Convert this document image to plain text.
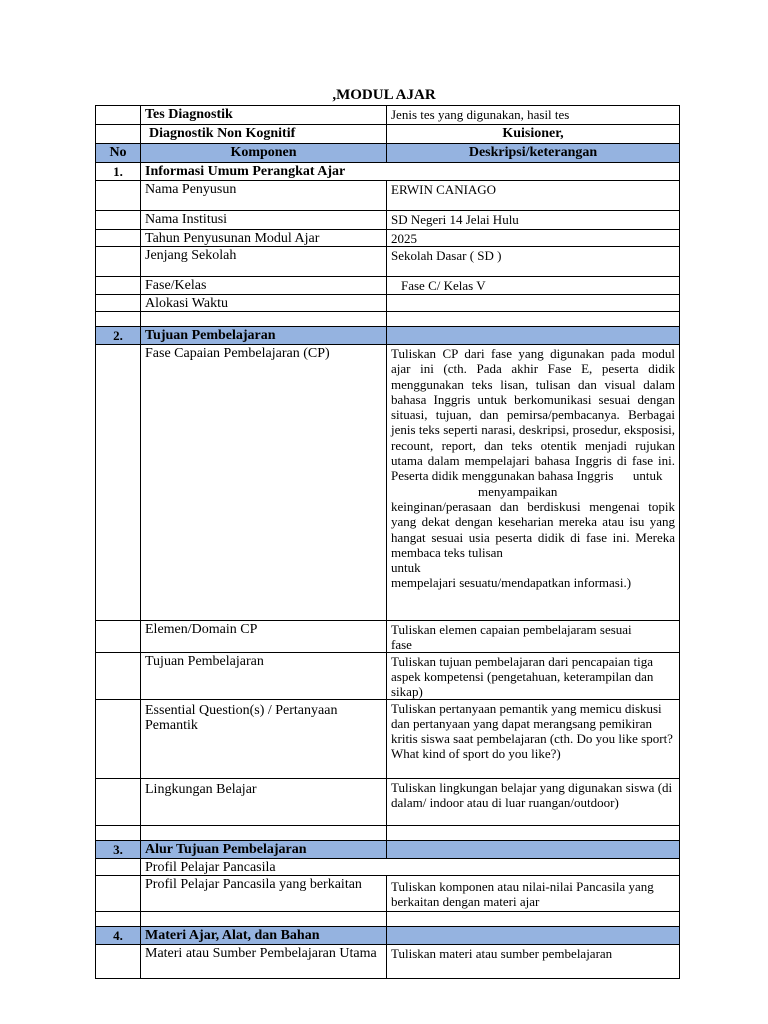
,MODUL AJAR
	Tes Diagnostik	Jenis tes yang digunakan, hasil tes
	Diagnostik Non Kognitif	Kuisioner,
No	Komponen	Deskripsi/keterangan
1.	Informasi Umum Perangkat Ajar	
	Nama Penyusun	ERWIN CANIAGO
	Nama Institusi	SD Negeri 14 Jelai Hulu
	Tahun Penyusunan Modul Ajar	2025
	Jenjang Sekolah	Sekolah Dasar ( SD )
	Fase/Kelas	Fase C/ Kelas V
	Alokasi Waktu	

2.	Tujuan Pembelajaran	
	Fase Capaian Pembelajaran (CP)	Tuliskan CP dari fase yang digunakan pada modul ajar ini (cth. Pada akhir Fase E, peserta didik menggunakan teks lisan, tulisan dan visual dalam bahasa Inggris untuk berkomunikasi sesuai dengan situasi, tujuan, dan pemirsa/pembacanya. Berbagai jenis teks seperti narasi, deskripsi, prosedur, eksposisi, recount, report, dan teks otentik menjadi rujukan utama dalam mempelajari bahasa Inggris di fase ini. Peserta didik menggunakan bahasa Inggris untuk
menyampaikan
keinginan/perasaan dan berdiskusi mengenai topik yang dekat dengan keseharian mereka atau isu yang hangat sesuai usia peserta didik di fase ini. Mereka membaca teks tulisan
untuk
mempelajari sesuatu/mendapatkan informasi.)

	Elemen/Domain CP	Tuliskan elemen capaian pembelajaram sesuai fase
	Tujuan Pembelajaran	Tuliskan tujuan pembelajaran dari pencapaian tiga aspek kompetensi (pengetahuan, keterampilan dan sikap)
	Essential Question(s) / Pertanyaan Pemantik	Tuliskan pertanyaan pemantik yang memicu diskusi dan pertanyaan yang dapat merangsang pemikiran kritis siswa saat pembelajaran (cth. Do you like sport? What kind of sport do you like?)
	Lingkungan Belajar	Tuliskan lingkungan belajar yang digunakan siswa (di dalam/ indoor atau di luar ruangan/outdoor)

3.	Alur Tujuan Pembelajaran	
	Profil Pelajar Pancasila	
	Profil Pelajar Pancasila yang berkaitan	Tuliskan komponen atau nilai-nilai Pancasila yang berkaitan dengan materi ajar

4.	Materi Ajar, Alat, dan Bahan	
	Materi atau Sumber Pembelajaran Utama	Tuliskan materi atau sumber pembelajaran
